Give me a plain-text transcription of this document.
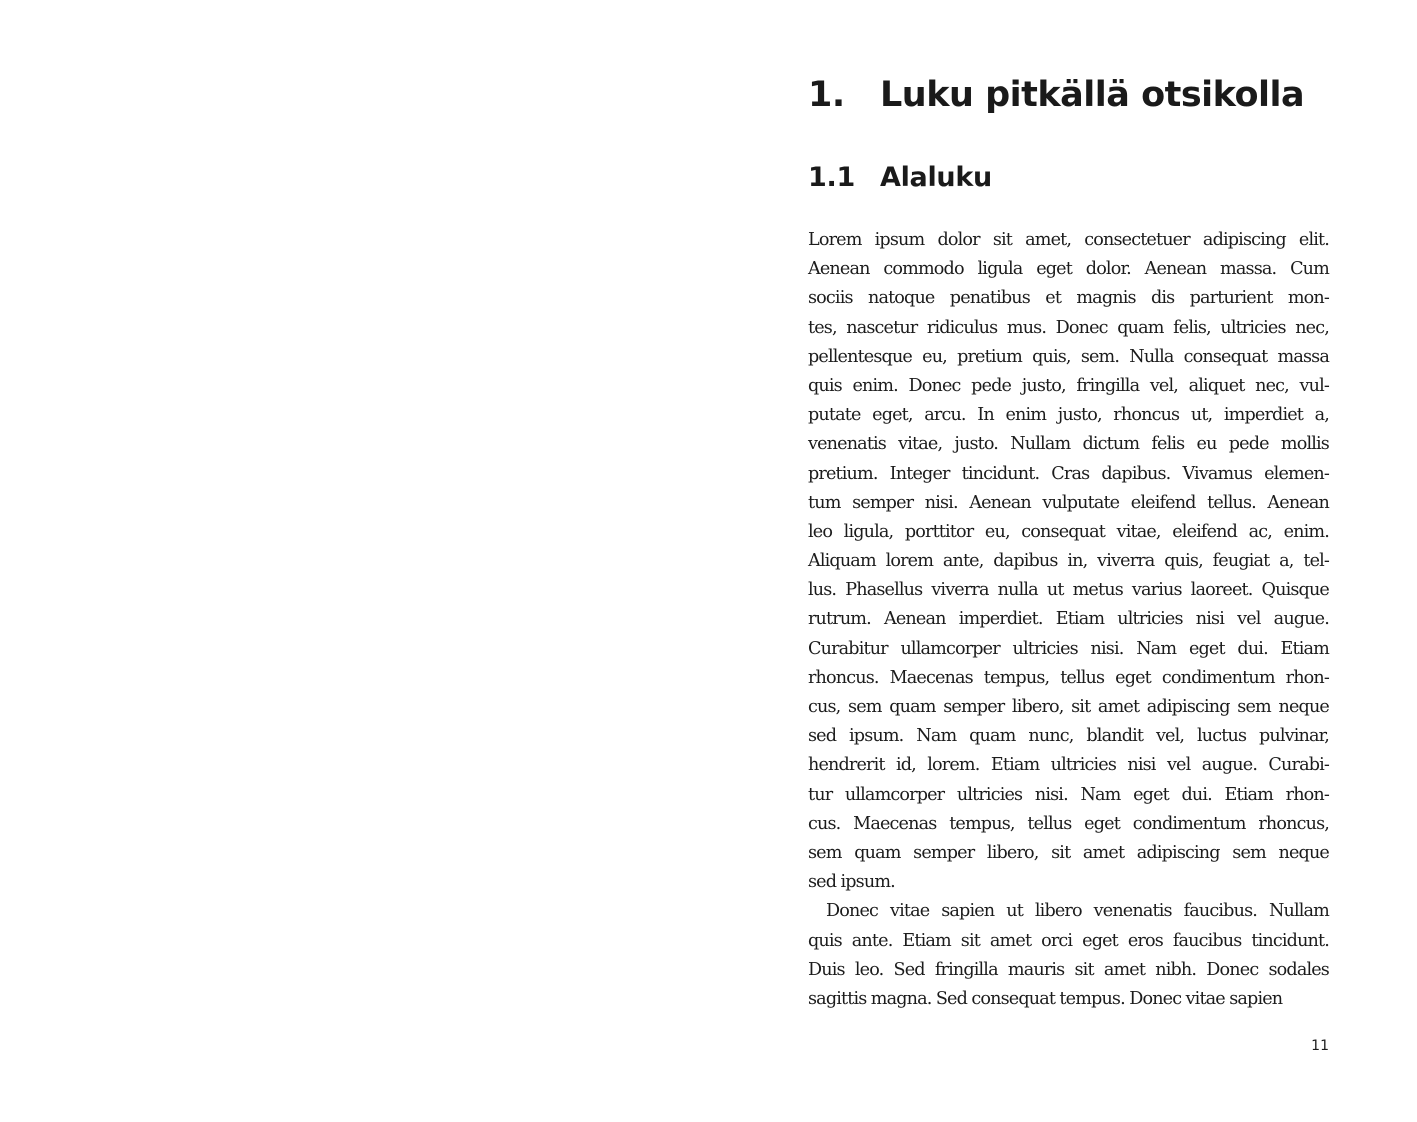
1.	Luku pitkällä otsikolla
1.1 Alaluku
Lorem ipsum dolor sit amet, consectetuer adipiscing elit.
Aenean commodo ligula eget dolor. Aenean massa. Cum
sociis natoque penatibus et magnis dis parturient mon-
tes, nascetur ridiculus mus. Donec quam felis, ultricies nec,
pellentesque eu, pretium quis, sem. Nulla consequat massa
quis enim. Donec pede justo, fringilla vel, aliquet nec, vul-
putate eget, arcu. In enim justo, rhoncus ut, imperdiet a,
venenatis vitae, justo. Nullam dictum felis eu pede mollis
pretium. Integer tincidunt. Cras dapibus. Vivamus elemen-
tum semper nisi. Aenean vulputate eleifend tellus. Aenean
leo ligula, porttitor eu, consequat vitae, eleifend ac, enim.
Aliquam lorem ante, dapibus in, viverra quis, feugiat a, tel-
lus. Phasellus viverra nulla ut metus varius laoreet. Quisque
rutrum. Aenean imperdiet. Etiam ultricies nisi vel augue.
Curabitur ullamcorper ultricies nisi. Nam eget dui. Etiam
rhoncus. Maecenas tempus, tellus eget condimentum rhon-
cus, sem quam semper libero, sit amet adipiscing sem neque
sed ipsum. Nam quam nunc, blandit vel, luctus pulvinar,
hendrerit id, lorem. Etiam ultricies nisi vel augue. Curabi-
tur ullamcorper ultricies nisi. Nam eget dui. Etiam rhon-
cus. Maecenas tempus, tellus eget condimentum rhoncus,
sem quam semper libero, sit amet adipiscing sem neque
sed ipsum.
Donec vitae sapien ut libero venenatis faucibus. Nullam
quis ante. Etiam sit amet orci eget eros faucibus tincidunt.
Duis leo. Sed fringilla mauris sit amet nibh. Donec sodales
sagittis magna. Sed consequat tempus. Donec vitae sapien
11
